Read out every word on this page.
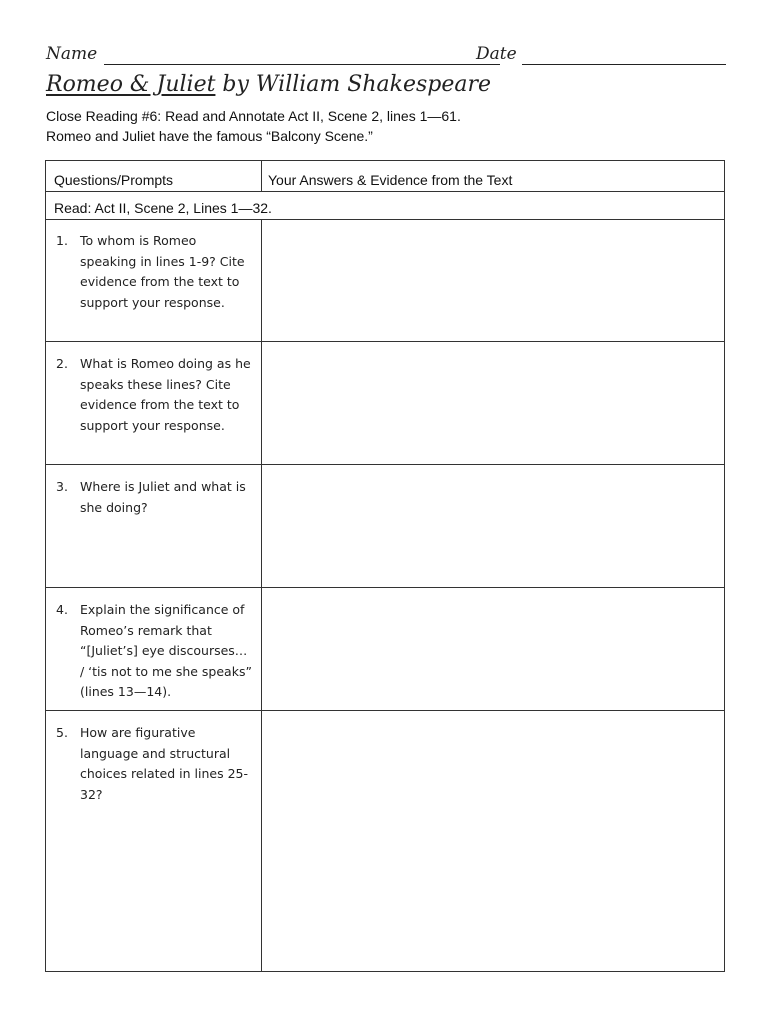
Name	Date
Romeo & Juliet by William Shakespeare
Close Reading #6: Read and Annotate Act II, Scene 2, lines 1—61.
Romeo and Juliet have the famous “Balcony Scene.”
Questions/Prompts	Your Answers & Evidence from the Text
Read: Act II, Scene 2, Lines 1—32.
1. To whom is Romeo speaking in lines 1-9? Cite evidence from the text to support your response.
2. What is Romeo doing as he speaks these lines? Cite evidence from the text to support your response.
3. Where is Juliet and what is she doing?
4. Explain the significance of Romeo’s remark that “[Juliet’s] eye discourses… / ‘tis not to me she speaks” (lines 13—14).
5. How are figurative language and structural choices related in lines 25-32?
